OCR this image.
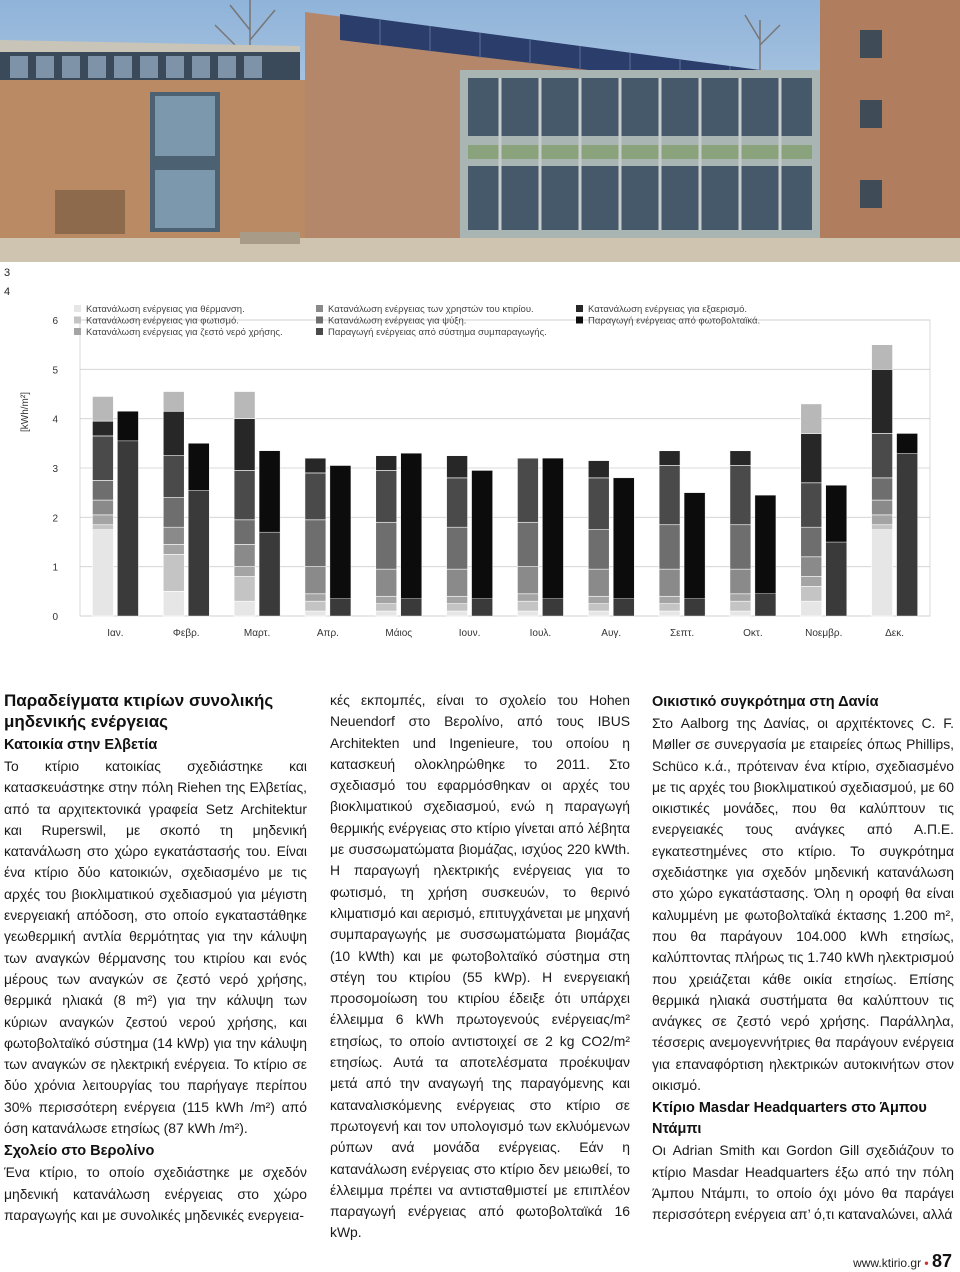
3
4
Κατανάλωση ενέργειας για θέρμανση.
Κατανάλωση ενέργειας για φωτισμό.
Κατανάλωση ενέργειας για ζεστό νερό χρήσης.
Κατανάλωση ενέργειας των χρηστών του κτιρίου.
Κατανάλωση ενέργειας για ψύξη.
Παραγωγή ενέργειας από σύστημα συμπαραγωγής.
Κατανάλωση ενέργειας για εξαερισμό.
Παραγωγή ενέργειας από φωτοβολταϊκά.
0
1
2
3
4
5
6
Ιαν.	Φεβρ.	Μαρτ.	Απρ.	Μάιος	Ιουν.	Ιουλ.	Αυγ.	Σεπτ.	Οκτ.	Νοεμβρ.	Δεκ.
[kWh/m²]
Παραδείγματα κτιρίων συνολικής μηδενικής ενέργειας
Κατοικία στην Ελβετία

Το κτίριο κατοικίας σχεδιάστηκε και κατασκευάστηκε στην πόλη Riehen της Ελβετίας, από τα αρχιτεκτονικά γραφεία Setz Architektur και Ruperswil, με σκοπό τη μηδενική κατανάλωση στο χώρο εγκατάστασής του. Είναι ένα κτίριο δύο κατοικιών, σχεδιασμένο με τις αρχές του βιοκλιματικού σχεδιασμού για μέγιστη ενεργειακή απόδοση, στο οποίο εγκαταστάθηκε γεωθερμική αντλία θερμότητας για την κάλυψη των αναγκών θέρμανσης του κτιρίου και ενός μέρους των αναγκών σε ζεστό νερό χρήσης, θερμικά ηλιακά (8 m²) για την κάλυψη των κύριων αναγκών ζεστού νερού χρήσης, και φωτοβολταϊκό σύστημα (14 kWp) για την κάλυψη των αναγκών σε ηλεκτρική ενέργεια. Το κτίριο σε δύο χρόνια λειτουργίας του παρήγαγε περίπου 30% περισσότερη ενέργεια (115 kWh /m²) από όση κατανάλωσε ετησίως (87 kWh /m²).

Σχολείο στο Βερολίνο

Ένα κτίριο, το οποίο σχεδιάστηκε με σχεδόν μηδενική κατανάλωση ενέργειας στο χώρο παραγωγής και με συνολικές μηδενικές ενεργεια-

κές εκπομπές, είναι το σχολείο του Hohen Neuendorf στο Βερολίνο, από τους IBUS Architekten und Ingenieure, του οποίου η κατασκευή ολοκληρώθηκε το 2011. Στο σχεδιασμό του εφαρμόσθηκαν οι αρχές του βιοκλιματικού σχεδιασμού, ενώ η παραγωγή θερμικής ενέργειας στο κτίριο γίνεται από λέβητα με συσσωματώματα βιομάζας, ισχύος 220 kWth. Η παραγωγή ηλεκτρικής ενέργειας για το φωτισμό, τη χρήση συσκευών, το θερινό κλιματισμό και αερισμό, επιτυγχάνεται με μηχανή συμπαραγωγής με συσσωματώματα βιομάζας (10 kWth) και με φωτοβολταϊκό σύστημα στη στέγη του κτιρίου (55 kWp). Η ενεργειακή προσομοίωση του κτιρίου έδειξε ότι υπάρχει έλλειμμα 6 kWh πρωτογενούς ενέργειας/m² ετησίως, το οποίο αντιστοιχεί σε 2 kg CO2/m² ετησίως. Αυτά τα αποτελέσματα προέκυψαν μετά από την αναγωγή της παραγόμενης και καταναλισκόμενης ενέργειας στο κτίριο σε πρωτογενή και τον υπολογισμό των εκλυόμενων ρύπων ανά μονάδα ενέργειας. Εάν η κατανάλωση ενέργειας στο κτίριο δεν μειωθεί, το έλλειμμα πρέπει να αντισταθμιστεί με επιπλέον παραγωγή ενέργειας από φωτοβολταϊκά 16 kWp.

Οικιστικό συγκρότημα στη Δανία

Στο Aalborg της Δανίας, οι αρχιτέκτονες C. F. Møller σε συνεργασία με εταιρείες όπως Phillips, Schüco κ.ά., πρότειναν ένα κτίριο, σχεδιασμένο με τις αρχές του βιοκλιματικού σχεδιασμού, με 60 οικιστικές μονάδες, που θα καλύπτουν τις ενεργειακές τους ανάγκες από Α.Π.Ε. εγκατεστημένες στο κτίριο. Το συγκρότημα σχεδιάστηκε για σχεδόν μηδενική κατανάλωση στο χώρο εγκατάστασης. Όλη η οροφή θα είναι καλυμμένη με φωτοβολταϊκά έκτασης 1.200 m², που θα παράγουν 104.000 kWh ετησίως, καλύπτοντας πλήρως τις 1.740 kWh ηλεκτρισμού που χρειάζεται κάθε οικία ετησίως. Επίσης θερμικά ηλιακά συστήματα θα καλύπτουν τις ανάγκες σε ζεστό νερό χρήσης. Παράλληλα, τέσσερις ανεμογεννήτριες θα παράγουν ενέργεια για επαναφόρτιση ηλεκτρικών αυτοκινήτων στον οικισμό.

Κτίριο Masdar Headquarters στο Άμπου Ντάμπι

Οι Adrian Smith και Gordon Gill σχεδιάζουν το κτίριο Masdar Headquarters έξω από την πόλη Άμπου Ντάμπι, το οποίο όχι μόνο θα παράγει περισσότερη ενέργεια απ’ ό,τι καταναλώνει, αλλά

www.ktirio.gr • 87
